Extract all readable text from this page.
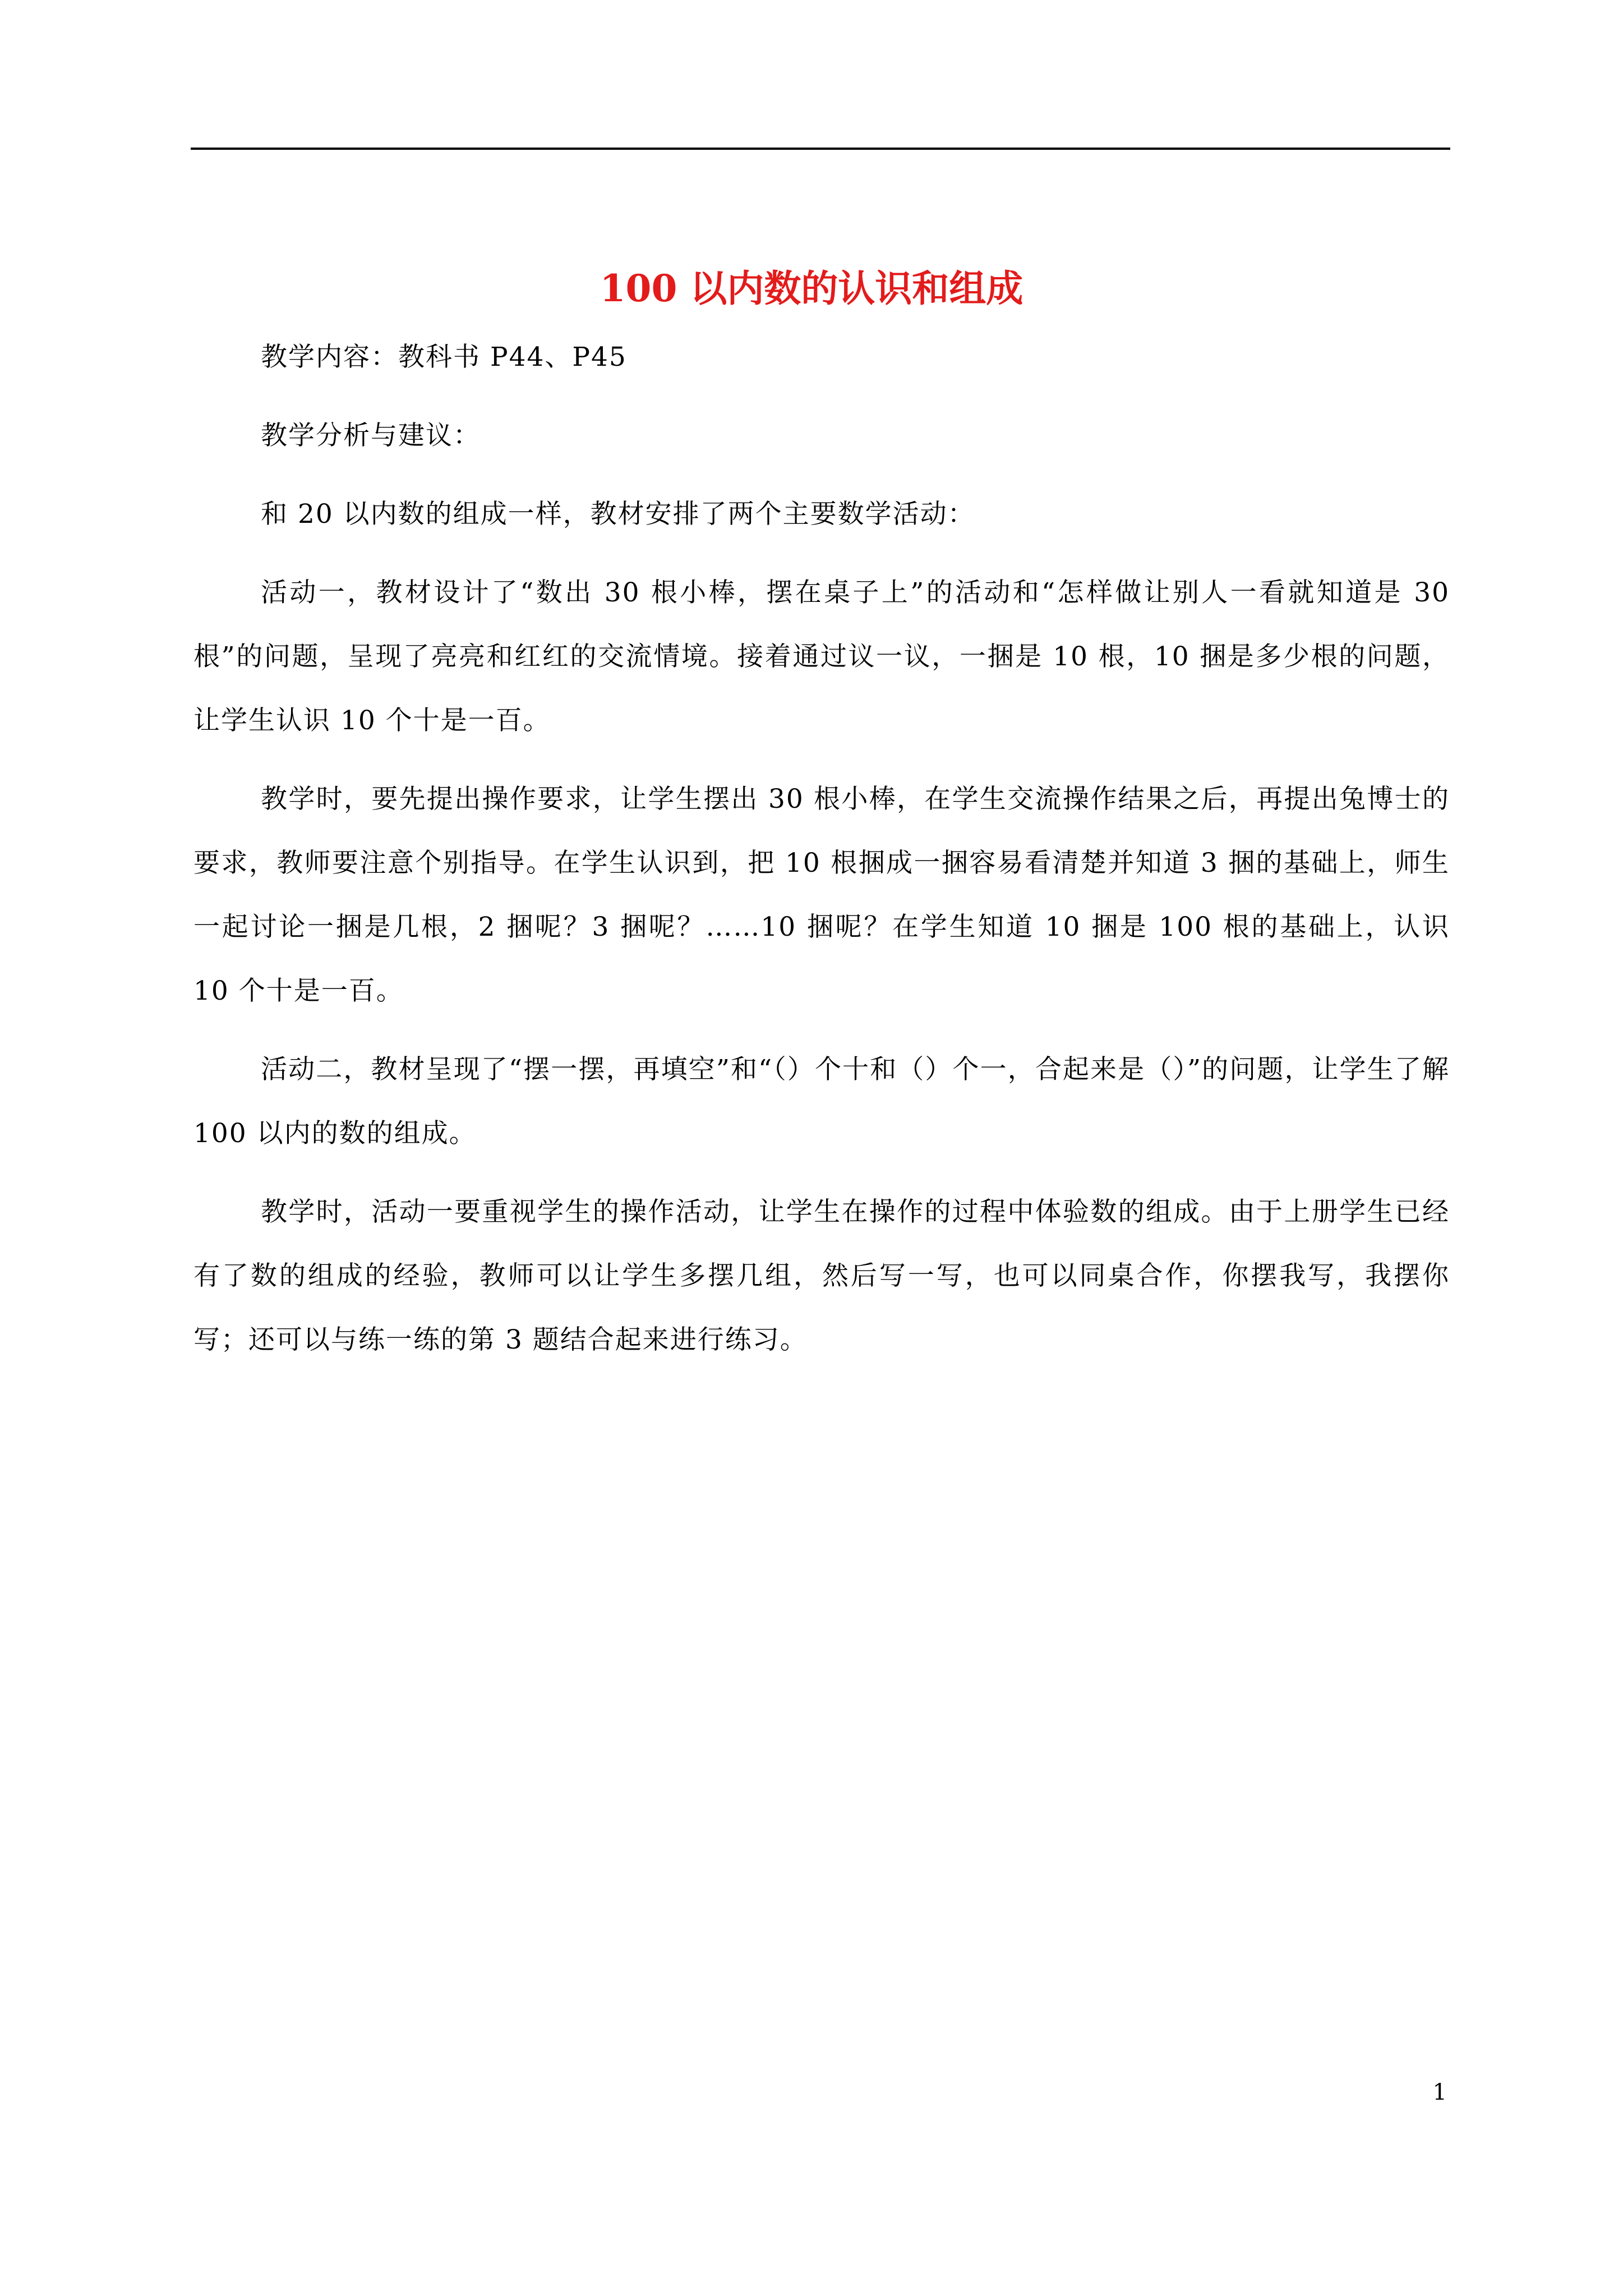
100 以内数的认识和组成

教学内容：教科书 P44、P45

教学分析与建议：

和 20 以内数的组成一样，教材安排了两个主要数学活动：

活动一，教材设计了“数出 30 根小棒，摆在桌子上”的活动和“怎样做让别人一看就知道是 30 根”的问题，呈现了亮亮和红红的交流情境。接着通过议一议，一捆是 10 根，10 捆是多少根的问题，让学生认识 10 个十是一百。

教学时，要先提出操作要求，让学生摆出 30 根小棒，在学生交流操作结果之后，再提出兔博士的要求，教师要注意个别指导。在学生认识到，把 10 根捆成一捆容易看清楚并知道 3 捆的基础上，师生一起讨论一捆是几根，2 捆呢？3 捆呢？……10 捆呢？在学生知道 10 捆是 100 根的基础上，认识 10 个十是一百。

活动二，教材呈现了“摆一摆，再填空”和“（）个十和（）个一，合起来是（）”的问题，让学生了解 100 以内的数的组成。

教学时，活动一要重视学生的操作活动，让学生在操作的过程中体验数的组成。由于上册学生已经有了数的组成的经验，教师可以让学生多摆几组，然后写一写，也可以同桌合作，你摆我写，我摆你写；还可以与练一练的第 3 题结合起来进行练习。

1
